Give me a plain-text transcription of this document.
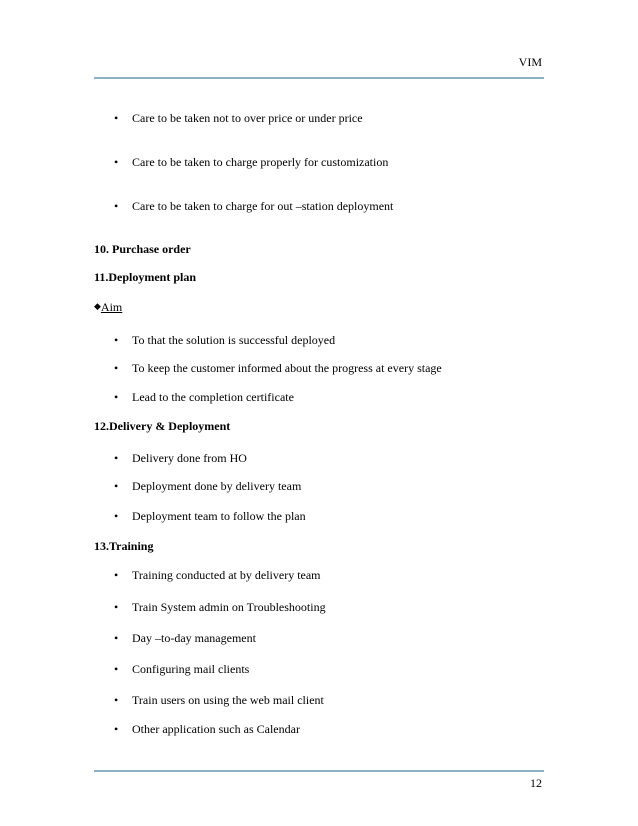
VIM
• Care to be taken not to over price or under price
• Care to be taken to charge properly for customization
• Care to be taken to charge for out –station deployment
10. Purchase order
11.Deployment plan
◆Aim
• To that the solution is successful deployed
• To keep the customer informed about the progress at every stage
• Lead to the completion certificate
12.Delivery & Deployment
• Delivery done from HO
• Deployment done by delivery team
• Deployment team to follow the plan
13.Training
• Training conducted at by delivery team
• Train System admin on Troubleshooting
• Day –to-day management
• Configuring mail clients
• Train users on using the web mail client
• Other application such as Calendar
12
